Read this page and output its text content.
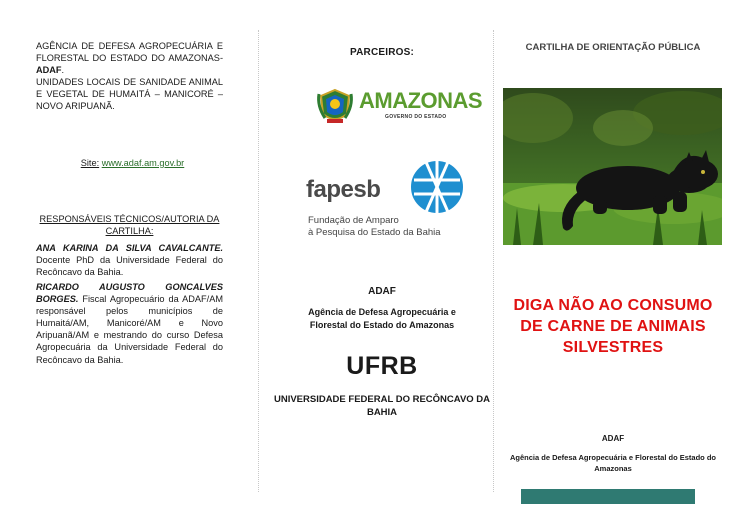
AGÊNCIA DE DEFESA AGROPECUÁRIA E FLORESTAL DO ESTADO DO AMAZONAS-ADAF.
UNIDADES LOCAIS DE SANIDADE ANIMAL E VEGETAL DE HUMAITÁ – MANICORÉ – NOVO ARIPUANÃ.

Site: www.adaf.am.gov.br

RESPONSÁVEIS TÉCNICOS/AUTORIA DA CARTILHA:

ANA KARINA DA SILVA CAVALCANTE. Docente PhD da Universidade Federal do Recôncavo da Bahia.

RICARDO AUGUSTO GONCALVES BORGES. Fiscal Agropecuário da ADAF/AM responsável pelos municípios de Humaitá/AM, Manicoré/AM e Novo Aripuanã/AM e mestrando do curso Defesa Agropecuária da Universidade Federal do Recôncavo da Bahia.

PARCEIROS:
AMAZONAS
GOVERNO DO ESTADO
fapesb
Fundação de Amparo
à Pesquisa do Estado da Bahia
ADAF
Agência de Defesa Agropecuária e Florestal do Estado do Amazonas
UFRB
UNIVERSIDADE FEDERAL DO RECÔNCAVO DA BAHIA
CARTILHA DE ORIENTAÇÃO PÚBLICA
DIGA NÃO AO CONSUMO DE CARNE DE ANIMAIS SILVESTRES
ADAF
Agência de Defesa Agropecuária e Florestal do Estado do Amazonas
